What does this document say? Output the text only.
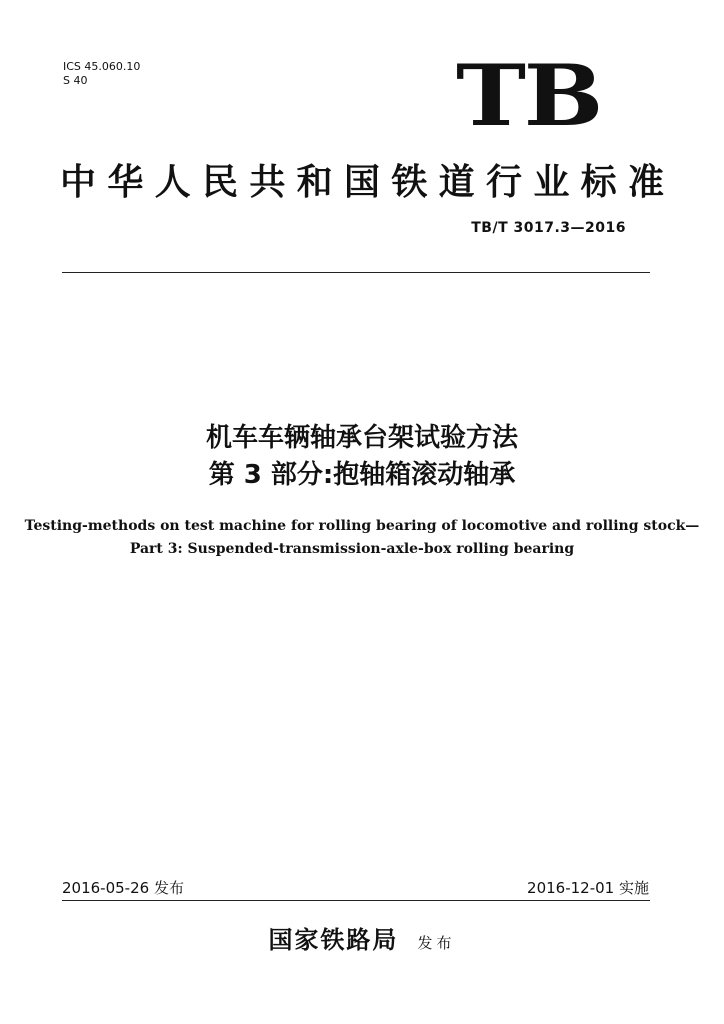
ICS 45.060.10
S 40	TB
中华人民共和国铁道行业标准
TB/T 3017.3—2016
机车车辆轴承台架试验方法
第 3 部分:抱轴箱滚动轴承
Testing-methods on test machine for rolling bearing of locomotive and rolling stock—
Part 3: Suspended-transmission-axle-box rolling bearing
2016-05-26 发布	2016-12-01 实施
国家铁路局 发布
